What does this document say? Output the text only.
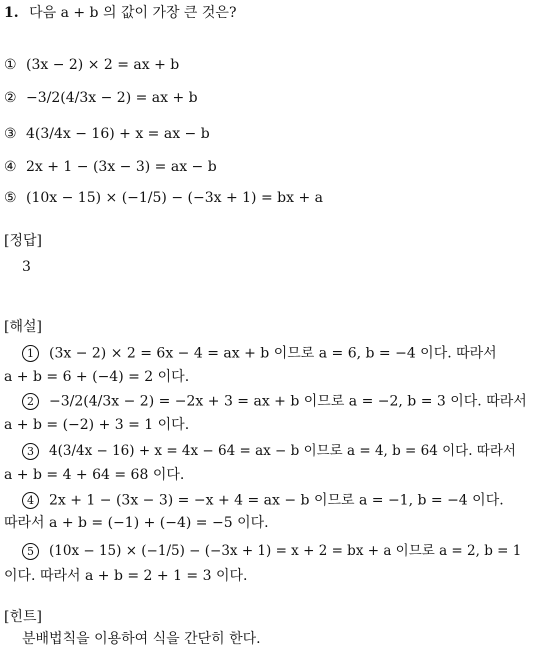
1. 다음 a + b 의 값이 가장 큰 것은?
① (3x − 2) × 2 = ax + b
② −3/2(4/3x − 2) = ax + b
③ 4(3/4x − 16) + x = ax − b
④ 2x + 1 − (3x − 3) = ax − b
⑤ (10x − 15) × (−1/5) − (−3x + 1) = bx + a
[정답]
3
[해설]
1 (3x − 2) × 2 = 6x − 4 = ax + b 이므로 a = 6, b = −4 이다. 따라서
a + b = 6 + (−4) = 2 이다.
2 −3/2(4/3x − 2) = −2x + 3 = ax + b 이므로 a = −2, b = 3 이다. 따라서
a + b = (−2) + 3 = 1 이다.
3 4(3/4x − 16) + x = 4x − 64 = ax − b 이므로 a = 4, b = 64 이다. 따라서
a + b = 4 + 64 = 68 이다.
4 2x + 1 − (3x − 3) = −x + 4 = ax − b 이므로 a = −1, b = −4 이다.
따라서 a + b = (−1) + (−4) = −5 이다.
5 (10x − 15) × (−1/5) − (−3x + 1) = x + 2 = bx + a 이므로 a = 2, b = 1
이다. 따라서 a + b = 2 + 1 = 3 이다.
[힌트]
분배법칙을 이용하여 식을 간단히 한다.
